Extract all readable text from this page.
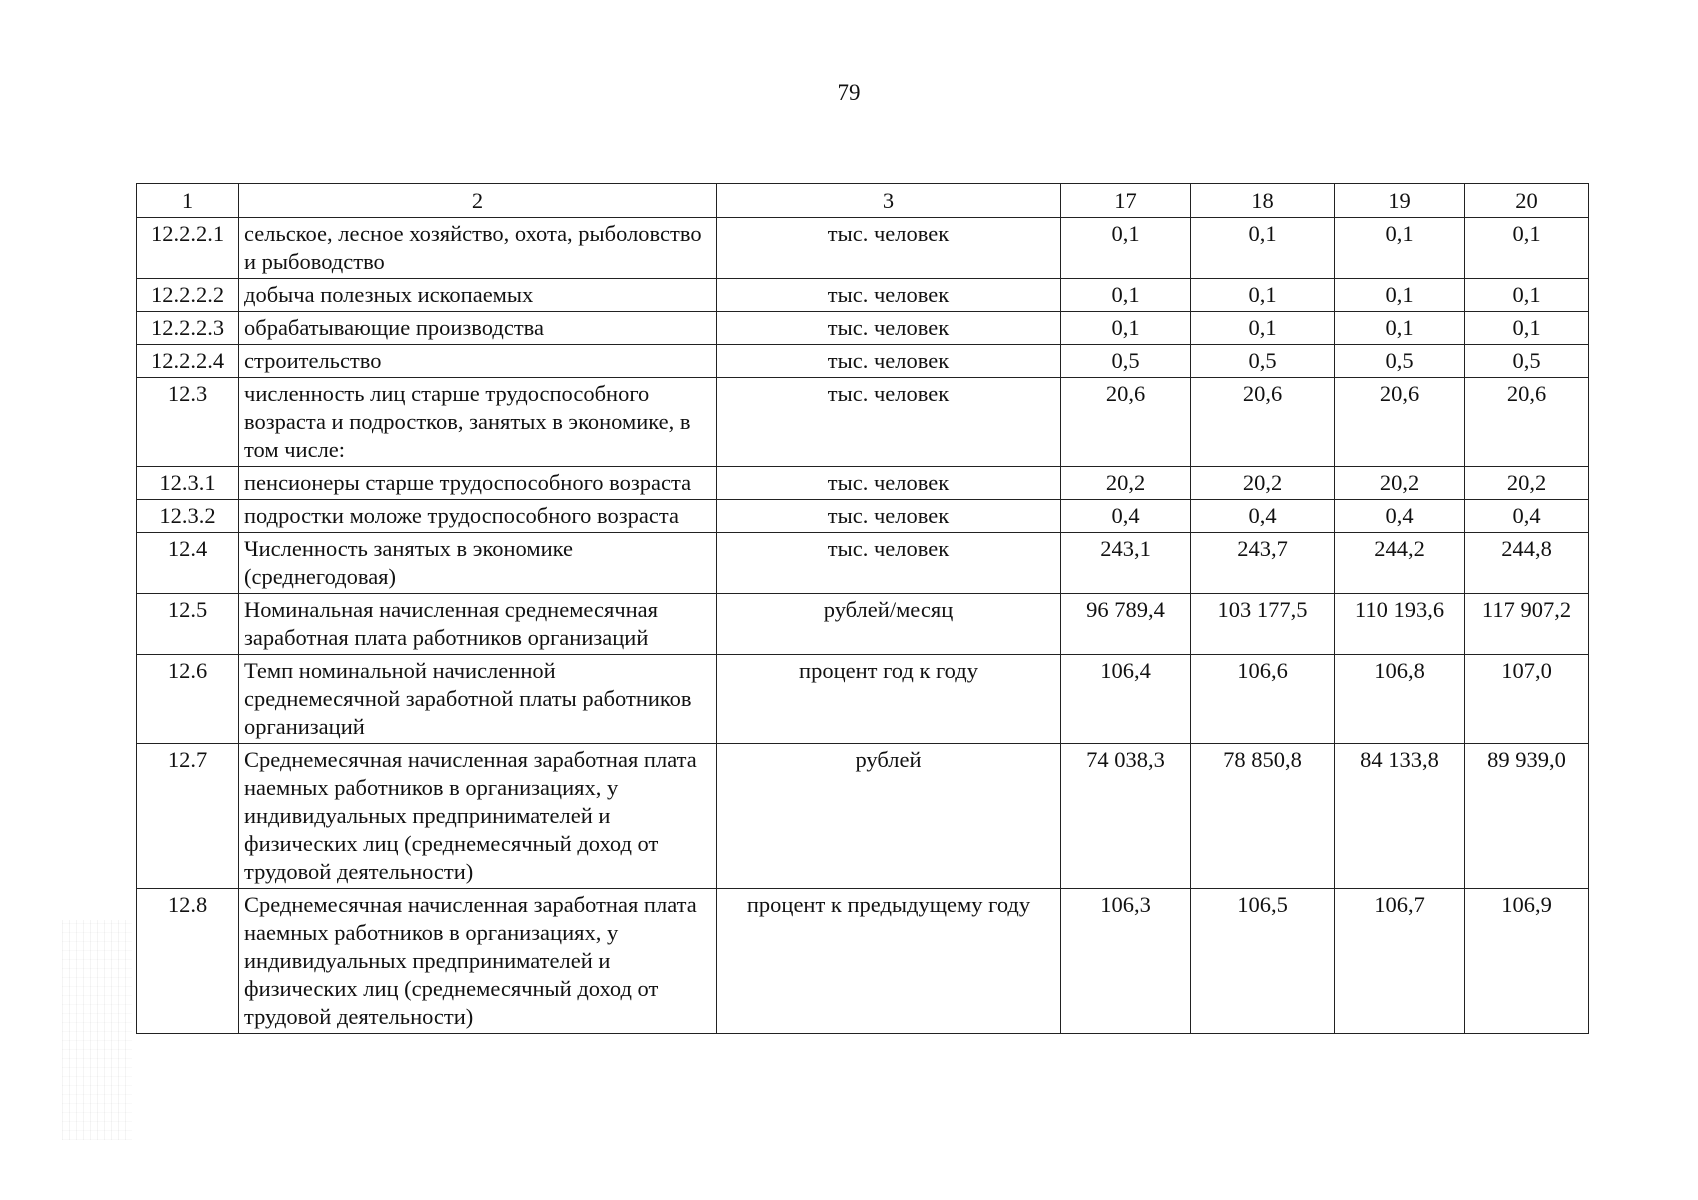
79
1	2	3	17	18	19	20
12.2.2.1	сельское, лесное хозяйство, охота, рыболовство и рыбоводство	тыс. человек	0,1	0,1	0,1	0,1
12.2.2.2	добыча полезных ископаемых	тыс. человек	0,1	0,1	0,1	0,1
12.2.2.3	обрабатывающие производства	тыс. человек	0,1	0,1	0,1	0,1
12.2.2.4	строительство	тыс. человек	0,5	0,5	0,5	0,5
12.3	численность лиц старше трудоспособного возраста и подростков, занятых в экономике, в том числе:	тыс. человек	20,6	20,6	20,6	20,6
12.3.1	пенсионеры старше трудоспособного возраста	тыс. человек	20,2	20,2	20,2	20,2
12.3.2	подростки моложе трудоспособного возраста	тыс. человек	0,4	0,4	0,4	0,4
12.4	Численность занятых в экономике (среднегодовая)	тыс. человек	243,1	243,7	244,2	244,8
12.5	Номинальная начисленная среднемесячная заработная плата работников организаций	рублей/месяц	96 789,4	103 177,5	110 193,6	117 907,2
12.6	Темп номинальной начисленной среднемесячной заработной платы работников организаций	процент год к году	106,4	106,6	106,8	107,0
12.7	Среднемесячная начисленная заработная плата наемных работников в организациях, у индивидуальных предпринимателей и физических лиц (среднемесячный доход от трудовой деятельности)	рублей	74 038,3	78 850,8	84 133,8	89 939,0
12.8	Среднемесячная начисленная заработная плата наемных работников в организациях, у индивидуальных предпринимателей и физических лиц (среднемесячный доход от трудовой деятельности)	процент к предыдущему году	106,3	106,5	106,7	106,9
